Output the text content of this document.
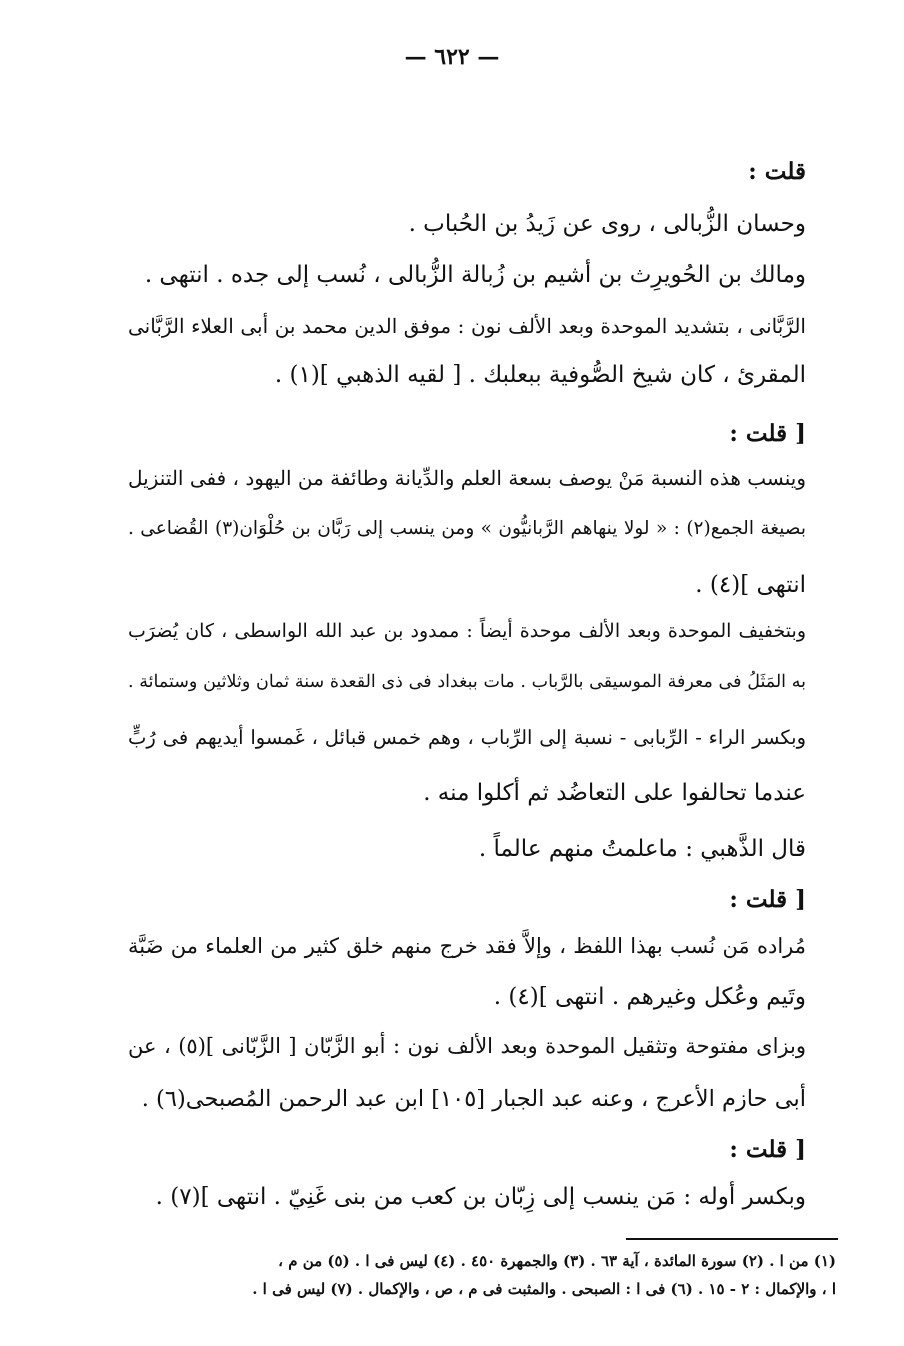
— ٦٢٢ —
قلت :
وحسان الزُّبالى ، روى عن زَيدُ بن الحُباب .
ومالك بن الحُويرِث بن أشيم بن زُبالة الزُّبالى ، نُسب إلى جده . انتهى .
الرَّبَّانى ، بتشديد الموحدة وبعد الألف نون : موفق الدين محمد بن أبى العلاء الرَّبَّانى
المقرئ ، كان شيخ الصُّوفية ببعلبك . [ لقيه الذهبي ](١) .
[ قلت :
وينسب هذه النسبة مَنْ يوصف بسعة العلم والدِّيانة وطائفة من اليهود ، ففى التنزيل
بصيغة الجمع(٢) : « لولا ينهاهم الرَّبانيُّون » ومن ينسب إلى رَبَّان بن حُلْوَان(٣) القُضاعى .
انتهى ](٤) .
وبتخفيف الموحدة وبعد الألف موحدة أيضاً : ممدود بن عبد الله الواسطى ، كان يُضرَب
به المَثَلُ فى معرفة الموسيقى بالرَّباب . مات ببغداد فى ذى القعدة سنة ثمان وثلاثين وستمائة .
وبكسر الراء - الرِّبابى - نسبة إلى الرِّباب ، وهم خمس قبائل ، غَمسوا أيديهم فى رُبٍّ
عندما تحالفوا على التعاضُد ثم أكلوا منه .
قال الذَّهبي : ماعلمتُ منهم عالماً .
[ قلت :
مُراده مَن نُسب بهذا اللفظ ، وإلاَّ فقد خرج منهم خلق كثير من العلماء من ضَبَّة
وتَيم وعُكل وغيرهم . انتهى ](٤) .
وبزاى مفتوحة وتثقيل الموحدة وبعد الألف نون : أبو الزَّبّان [ الزَّبّانى ](٥) ، عن
أبى حازم الأعرج ، وعنه عبد الجبار [١٠٥] ابن عبد الرحمن المُصبحى(٦) .
[ قلت :
وبكسر أوله : مَن ينسب إلى زِبّان بن كعب من بنى غَنِيّ . انتهى ](٧) .
(١) من ا . (٢) سورة المائدة ، آية ٦٣ . (٣) والجمهرة ٤٥٠ . (٤) ليس فى ا . (٥) من م ،
ا ، والإكمال : ٢ - ١٥ . (٦) فى ا : الصبحى . والمثبت فى م ، ص ، والإكمال . (٧) ليس فى ا .
